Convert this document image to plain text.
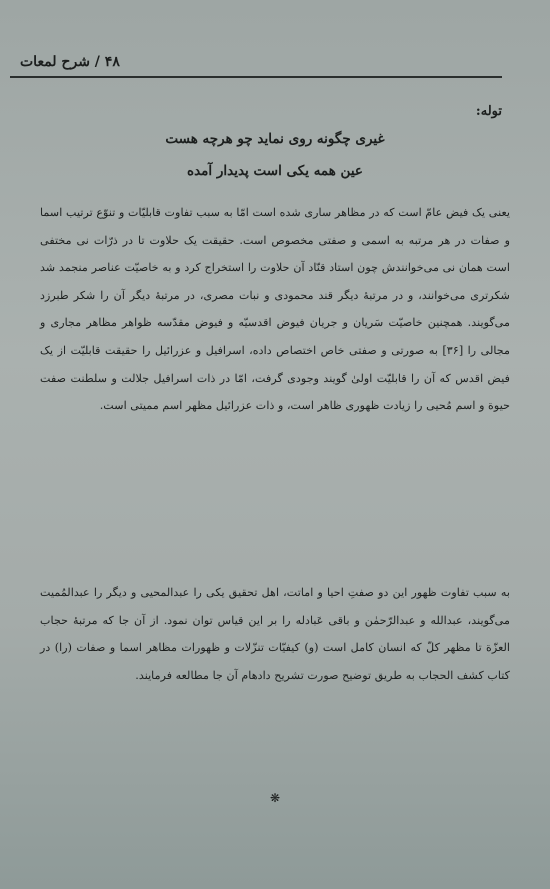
۴۸ / شرح لمعات
توله:
غیری چگونه روی نماید چو هرچه هست
عین همه یکی است پدیدار آمده
یعنی یک فیض عامّ است که در مظاهر ساری شده است امّا به سبب تفاوت قابلیّات و تنوّع ترتیب اسما و صفات در هر مرتبه به اسمی و صفتی مخصوص است. حقیقت یک حلاوت تا در ذرّات نی مختفی است همان نی می‌خوانندش چون استاد قنّاد آن حلاوت را استخراج کرد و به خاصیّت عناصر منجمد شد شکرتری می‌خوانند، و در مرتبهٔ دیگر قند محمودی و نبات مصری، در مرتبهٔ دیگر آن را شکر طبرزد می‌گویند. همچنین خاصیّت سَریان و جریان فیوض اقدسیّه و فیوض مقدّسه ظواهر مظاهر مجاری و مجالی را [۳۶] به صورتی و صفتی خاص اختصاص داده، اسرافیل و عزرائیل را حقیقت قابلیّت از یک فیض اقدس که آن را قابلیّت اولیٰ گویند وجودی گرفت، امّا در ذات اسرافیل جلالت و سلطنت صفت حیوة و اسم مُحیی را زیادت ظهوری ظاهر است، و ذات عزرائیل مظهر اسم ممیتی است.
به سبب تفاوت ظهور این دو صفتِ احیا و اماتت، اهل تحقیق یکی را عبدالمحیی و دیگر را عبدالمُمیت می‌گویند، عبدالله و عبدالرّحمٰن و باقی عَبادله را بر این قیاس توان نمود. از آن جا که مرتبهٔ حجاب العزّة تا مظهر کلّ که انسان کامل است (و) کیفیّات تنزّلات و ظهورات مظاهر اسما و صفات (را) در کتاب کشف الحجاب به طریق توضیح صورت تشریح دادهام آن جا مطالعه فرمایند.
❋
